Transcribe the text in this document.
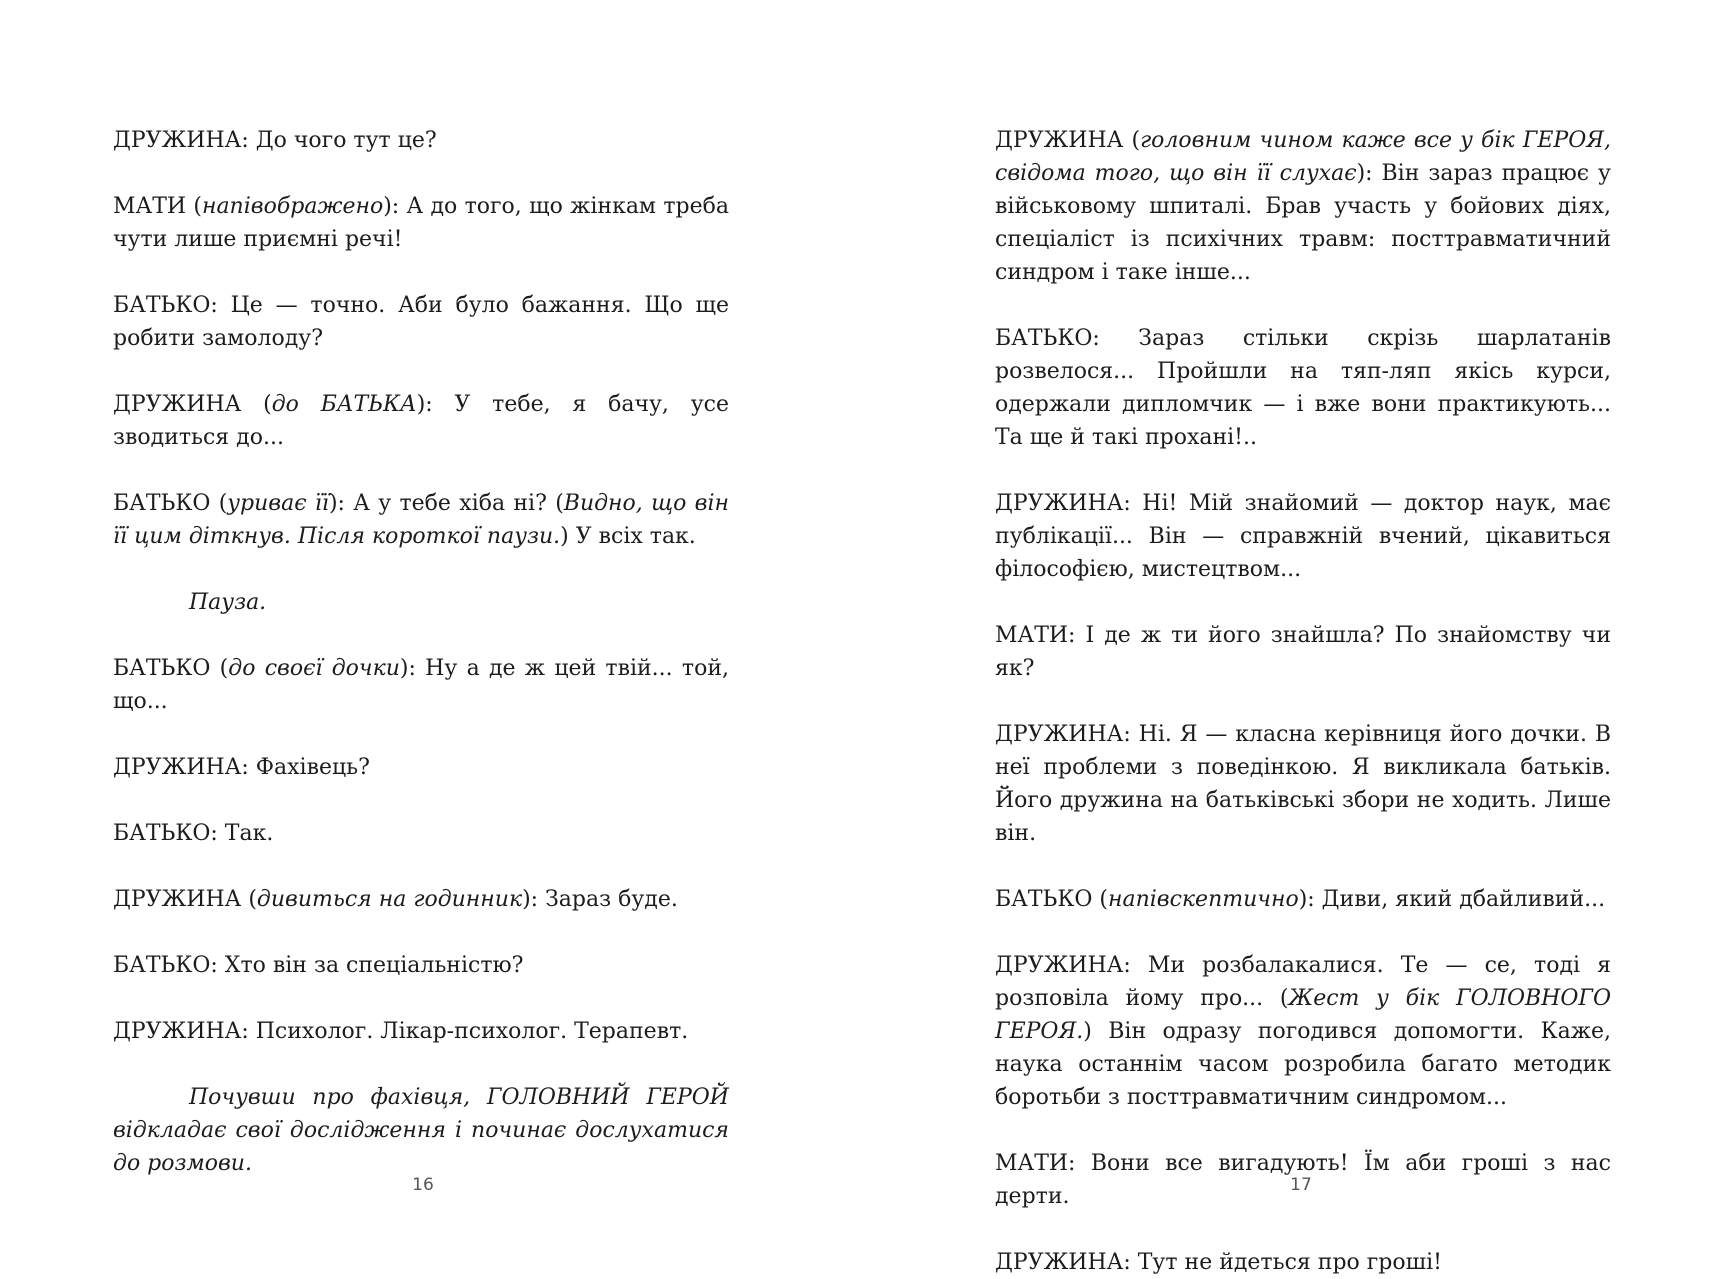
ДРУЖИНА: До чого тут це?

МАТИ (напівображено): А до того, що жінкам треба чути лише приємні речі!

БАТЬКО: Це — точно. Аби було бажання. Що ще робити замолоду?

ДРУЖИНА (до БАТЬКА): У тебе, я бачу, усе зводиться до...

БАТЬКО (уриває її): А у тебе хіба ні? (Видно, що він її цим діткнув. Після короткої паузи.) У всіх так.

Пауза.

БАТЬКО (до своєї дочки): Ну а де ж цей твій... той, що...

ДРУЖИНА: Фахівець?

БАТЬКО: Так.

ДРУЖИНА (дивиться на годинник): Зараз буде.

БАТЬКО: Хто він за спеціальністю?

ДРУЖИНА: Психолог. Лікар-психолог. Терапевт.

Почувши про фахівця, ГОЛОВНИЙ ГЕРОЙ відкладає свої дослідження і починає дослухатися до розмови.

16

ДРУЖИНА (головним чином каже все у бік ГЕРОЯ, свідома того, що він її слухає): Він зараз працює у військовому шпиталі. Брав участь у бойових діях, спеціаліст із психічних травм: посттравматичний синдром і таке інше...

БАТЬКО: Зараз стільки скрізь шарлатанів розвелося... Пройшли на тяп-ляп якісь курси, одержали дипломчик — і вже вони практикують... Та ще й такі прохані!..

ДРУЖИНА: Ні! Мій знайомий — доктор наук, має публікації... Він — справжній вчений, цікавиться філософією, мистецтвом...

МАТИ: І де ж ти його знайшла? По знайомству чи як?

ДРУЖИНА: Ні. Я — класна керівниця його дочки. В неї проблеми з поведінкою. Я викликала батьків. Його дружина на батьківські збори не ходить. Лише він.

БАТЬКО (напівскептично): Диви, який дбайливий...

ДРУЖИНА: Ми розбалакалися. Те — се, тоді я розповіла йому про... (Жест у бік ГОЛОВНОГО ГЕРОЯ.) Він одразу погодився допомогти. Каже, наука останнім часом розробила багато методик боротьби з посттравматичним синдромом...

МАТИ: Вони все вигадують! Їм аби гроші з нас дерти.

ДРУЖИНА: Тут не йдеться про гроші!

17
